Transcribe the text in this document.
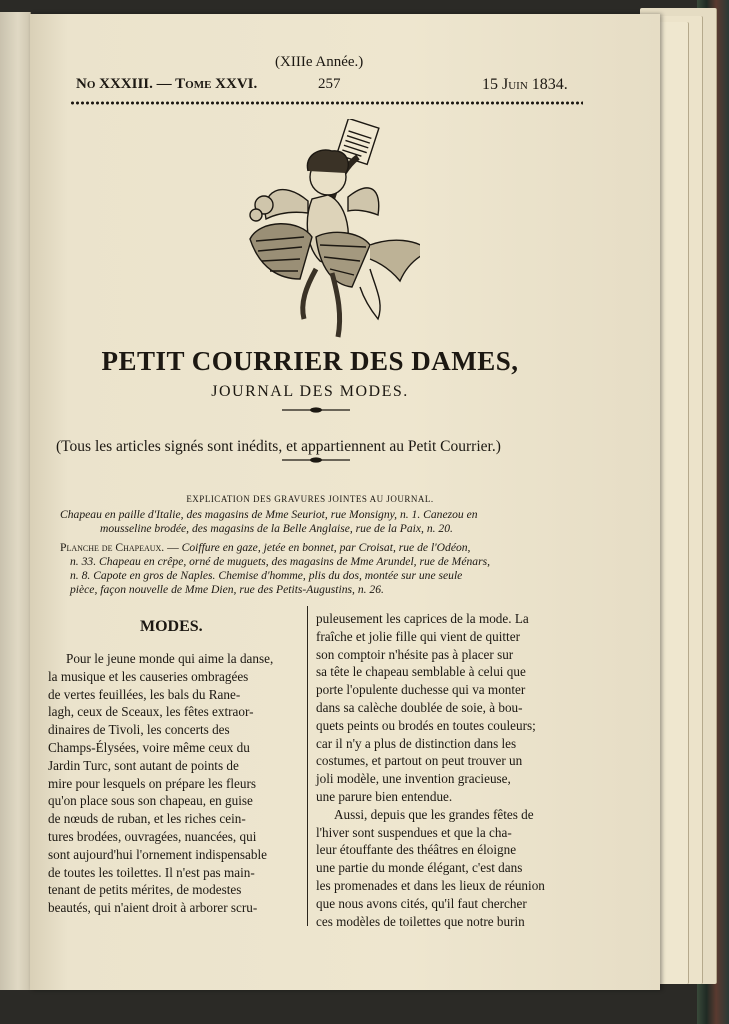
(XIIIe Année.)
No XXXIII. — Tome XXVI.	257	15 Juin 1834.
PETIT COURRIER DES DAMES,
JOURNAL DES MODES.
(Tous les articles signés sont inédits, et appartiennent au Petit Courrier.)
EXPLICATION DES GRAVURES JOINTES AU JOURNAL.
Chapeau en paille d'Italie, des magasins de Mme Seuriot, rue Monsigny, n. 1. Canezou en
mousseline brodée, des magasins de la Belle Anglaise, rue de la Paix, n. 20.
Planche de Chapeaux. — Coiffure en gaze, jetée en bonnet, par Croisat, rue de l'Odéon,
n. 33. Chapeau en crêpe, orné de muguets, des magasins de Mme Arundel, rue de Ménars,
n. 8. Capote en gros de Naples. Chemise d'homme, plis du dos, montée sur une seule
pièce, façon nouvelle de Mme Dien, rue des Petits-Augustins, n. 26.
MODES.
Pour le jeune monde qui aime la danse,
la musique et les causeries ombragées
de vertes feuillées, les bals du Rane-
lagh, ceux de Sceaux, les fêtes extraor-
dinaires de Tivoli, les concerts des
Champs-Élysées, voire même ceux du
Jardin Turc, sont autant de points de
mire pour lesquels on prépare les fleurs
qu'on place sous son chapeau, en guise
de nœuds de ruban, et les riches cein-
tures brodées, ouvragées, nuancées, qui
sont aujourd'hui l'ornement indispensable
de toutes les toilettes. Il n'est pas main-
tenant de petits mérites, de modestes
beautés, qui n'aient droit à arborer scru-
puleusement les caprices de la mode. La
fraîche et jolie fille qui vient de quitter
son comptoir n'hésite pas à placer sur
sa tête le chapeau semblable à celui que
porte l'opulente duchesse qui va monter
dans sa calèche doublée de soie, à bou-
quets peints ou brodés en toutes couleurs;
car il n'y a plus de distinction dans les
costumes, et partout on peut trouver un
joli modèle, une invention gracieuse,
une parure bien entendue.
Aussi, depuis que les grandes fêtes de
l'hiver sont suspendues et que la cha-
leur étouffante des théâtres en éloigne
une partie du monde élégant, c'est dans
les promenades et dans les lieux de réunion
que nous avons cités, qu'il faut chercher
ces modèles de toilettes que notre burin
